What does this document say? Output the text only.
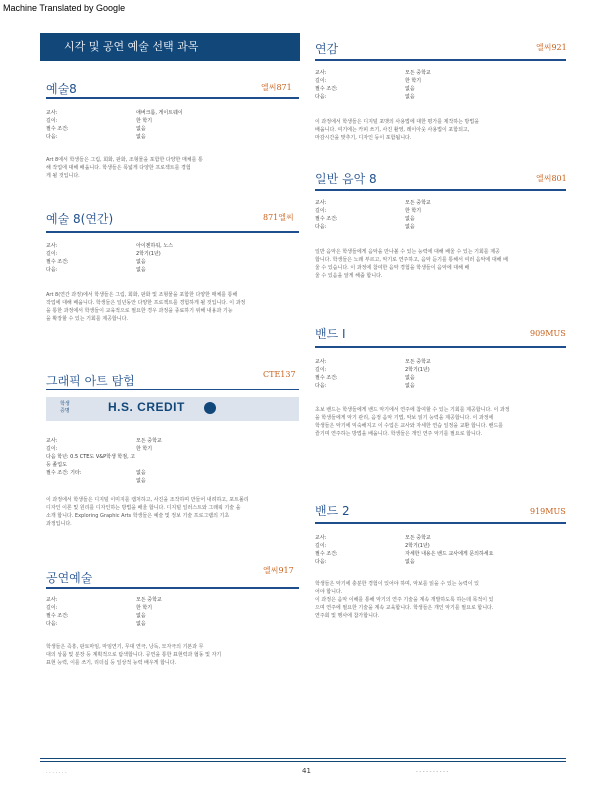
Machine Translated by Google
시각 및 공연 예술 선택 과목
예술8	엘씨871
교사:	애버크롬, 게이트웨이
길이:	한 학기
필수 조건:	없음
다음:	없음
Art 8에서 학생들은 그림, 회화, 판화, 조형물을 포함한 다양한 매체를 통
해 작업에 대해 배웁니다. 학생들은 폭넓게 다양한 프로젝트를 경험
게 될 것입니다.
예술 8(연간)	871엘씨
교사:	아이젠하워, 노스
길이:	2학기(1년)
필수 조건:	없음
다음:	없음
Art 8(연간 과정)에서 학생들은 그림, 회화, 판화 및 조형물을 포함한 다양한 매체를 통해
작업에 대해 배웁니다. 학생들은 일년동안 다양한 프로젝트를 경험하게 될 것입니다. 이 과정
을 통한 과정에서 학생들이 교육적으로 필요한 경우 과정을 종료하기 위해 내용과 기능
을 확장할 수 있는 기회를 제공합니다.
그래픽 아트 탐험	CTE137
학생
증명	H.S. CREDIT
교사:	모든 중학교
길이:	한 학기
다음 학년: 0.5 CTE도 V&P학생 학점, 고등 졸업도
필수 조건: 기타:	없음
없음
이 과정에서 학생들은 디지털 이미지를 캡처하고, 사진을 조작하며 만들어 내려하고, 포트폴리
디자인 이론 및 원리를 디자인하는 방법을 배울 합니다. 디지털 일러스트와 그래픽 기술 을
소개 합니다. Exploring Graphic Arts 학생들은 예술 및 정보 기술 프로그램의 기초
과정입니다.
공연예술
엘씨917
교사:	모든 중학교
길이:	한 학기
필수 조건:	없음
다음:	없음
학생들은 즉흥, 판토마임, 마임연기, 무대 연극, 낭독, 모자극의 기본과 무
대의 상품 및 분장 등 계획적으로 탐색합니다. 공연을 통한 표현력과 협동 및 자기
표현 능력, 이를 쓰기, 리더십 등 일상적 능력 배우게 합니다.
연감	엘씨921
교사:	모든 중학교
길이:	한 학기
필수 조건:	없음
다음:	없음
이 과정에서 학생들은 디지털 포맷의 사용법에 대한 평가를 제작하는 방법을
배웁니다. 여기에는 카피 쓰기, 사진 촬영, 레이아웃 사용법이 포함되고,
마감시간을 맞추기, 디자인 등이 포함됩니다.
일반 음악 8	엘씨801
교사:	모든 중학교
길이:	한 학기
필수 조건:	없음
다음:	없음
일반 음악은 학생들에게 음악을 만나볼 수 있는 능력에 대해 배울 수 있는 기회를 제공
합니다. 학생들은 노래 부르고, 악기로 연주하고, 음악 듣기를 통해서 여러 음악에 대해 배
울 수 있습니다. 이 과정에 참여한 음악 경험을 학생들이 음악에 대해 배
울 수 있음을 알게 해줍 합니다.
밴드 I	909MUS
교사:	모든 중학교
길이:	2학기(1년)
필수 조건:	없음
다음:	없음
초보 밴드는 학생들에게 밴드 악기에서 연주에 참여할 수 있는 기회를 제공합니다. 이 과정
을 학생들에게 악기 관리, 음정 음악 기법, 악보 읽기 능력을 제공합니다. 이 과정에
학생들은 악기에 익숙해지고 이 수업은 교사와 자세한 연습 일정을 교환 합니다. 밴드를
즐기며 연주하는 방법을 배웁니다. 학생들은 개인 연주 악기를 필요로 합니다.
밴드 2	919MUS
교사:	모든 중학교
길이:	2학기(1년)
필수 조건:	자세한 내용은 밴드 교사에게 문의하세요
다음:	없음
학생들은 악기에 충분한 경험이 있어야 하며, 악보를 읽을 수 있는 능력이 있
어야 합니다.
이 과정은 음악 이해를 통해 악기의 연주 기술을 계속 개발하도록 하는데 목적이 있
으며 연주에 필요한 기술을 계속 교육합니다. 학생들은 개인 악기를 필요로 합니다.
연주회 및 행사에 참가합니다.
. . . . . . .	41	- - - - - - - - - -
